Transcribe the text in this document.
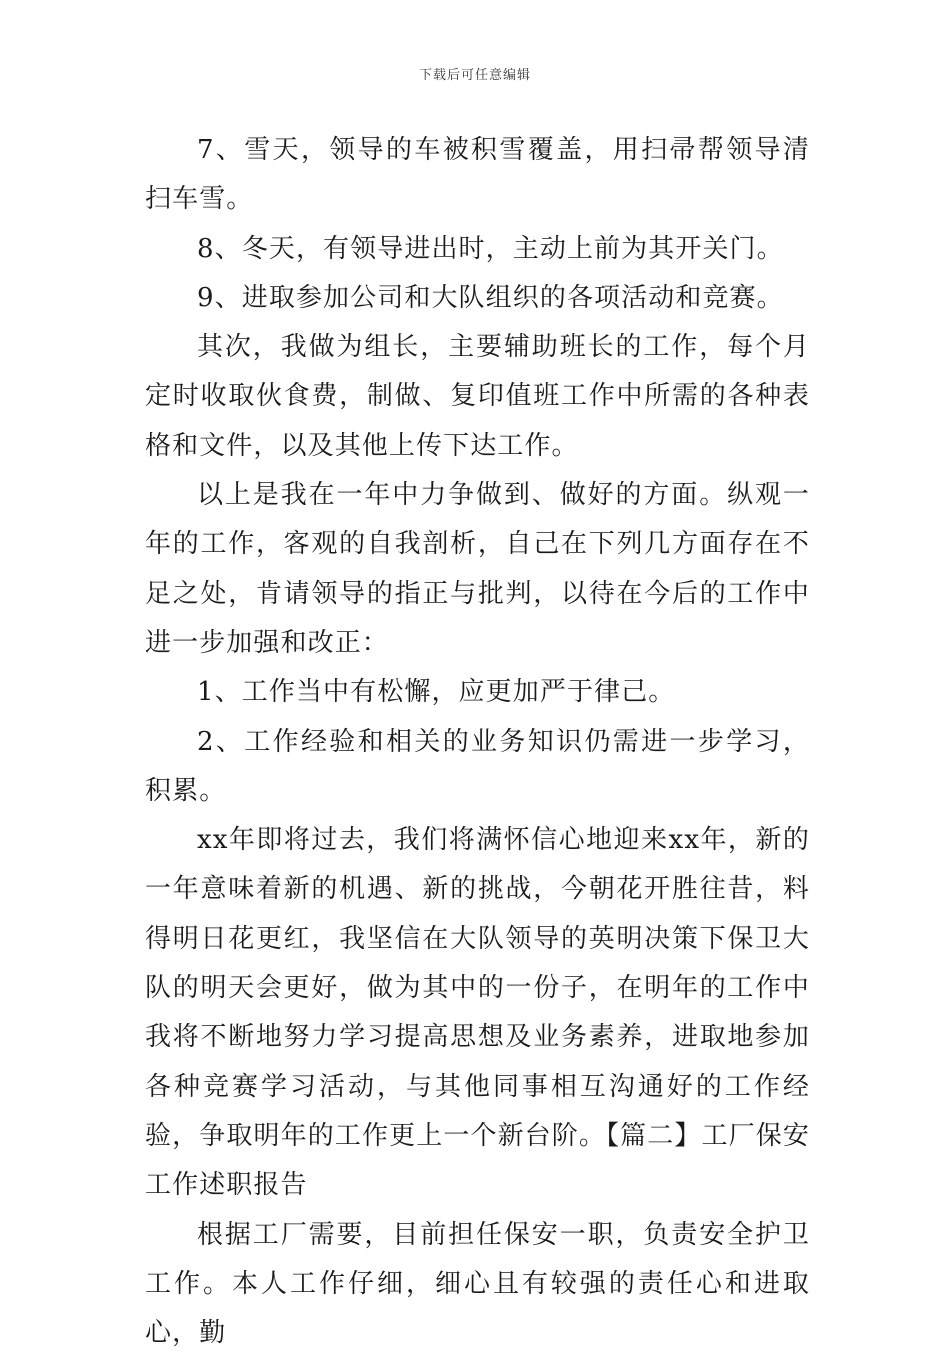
下载后可任意编辑

7、雪天，领导的车被积雪覆盖，用扫帚帮领导清扫车雪。

8、冬天，有领导进出时，主动上前为其开关门。

9、进取参加公司和大队组织的各项活动和竞赛。

其次，我做为组长，主要辅助班长的工作，每个月定时收取伙食费，制做、复印值班工作中所需的各种表格和文件，以及其他上传下达工作。

以上是我在一年中力争做到、做好的方面。纵观一年的工作，客观的自我剖析，自己在下列几方面存在不足之处，肯请领导的指正与批判，以待在今后的工作中进一步加强和改正：

1、工作当中有松懈，应更加严于律己。

2、工作经验和相关的业务知识仍需进一步学习，积累。

xx年即将过去，我们将满怀信心地迎来xx年，新的一年意味着新的机遇、新的挑战，今朝花开胜往昔，料得明日花更红，我坚信在大队领导的英明决策下保卫大队的明天会更好，做为其中的一份子，在明年的工作中我将不断地努力学习提高思想及业务素养，进取地参加各种竞赛学习活动，与其他同事相互沟通好的工作经验，争取明年的工作更上一个新台阶。【篇二】工厂保安工作述职报告

根据工厂需要，目前担任保安一职，负责安全护卫工作。本人工作仔细，细心且有较强的责任心和进取心，勤
